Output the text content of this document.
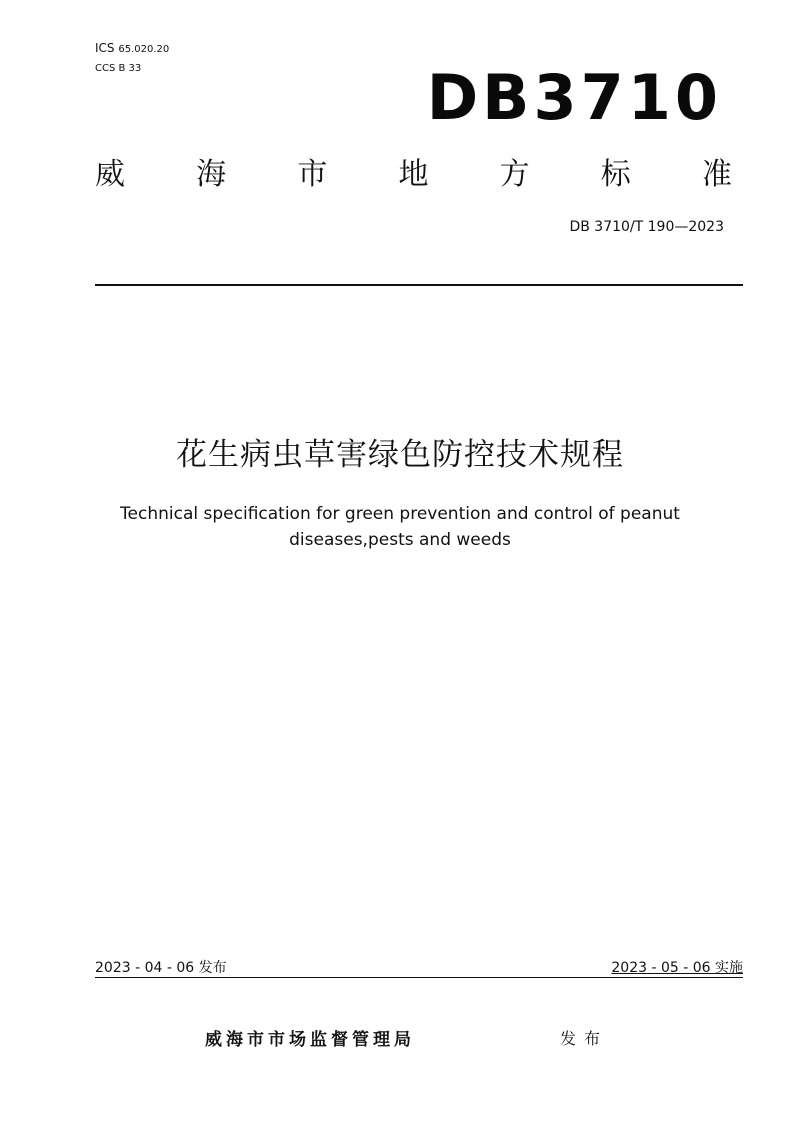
ICS 65.020.20
CCS B 33	DB3710
威 海 市 地 方 标 准
DB 3710/T 190—2023
花生病虫草害绿色防控技术规程
Technical specification for green prevention and control of peanut
diseases,pests and weeds
2023 - 04 - 06 发布	2023 - 05 - 06 实施
威海市市场监督管理局	发布
